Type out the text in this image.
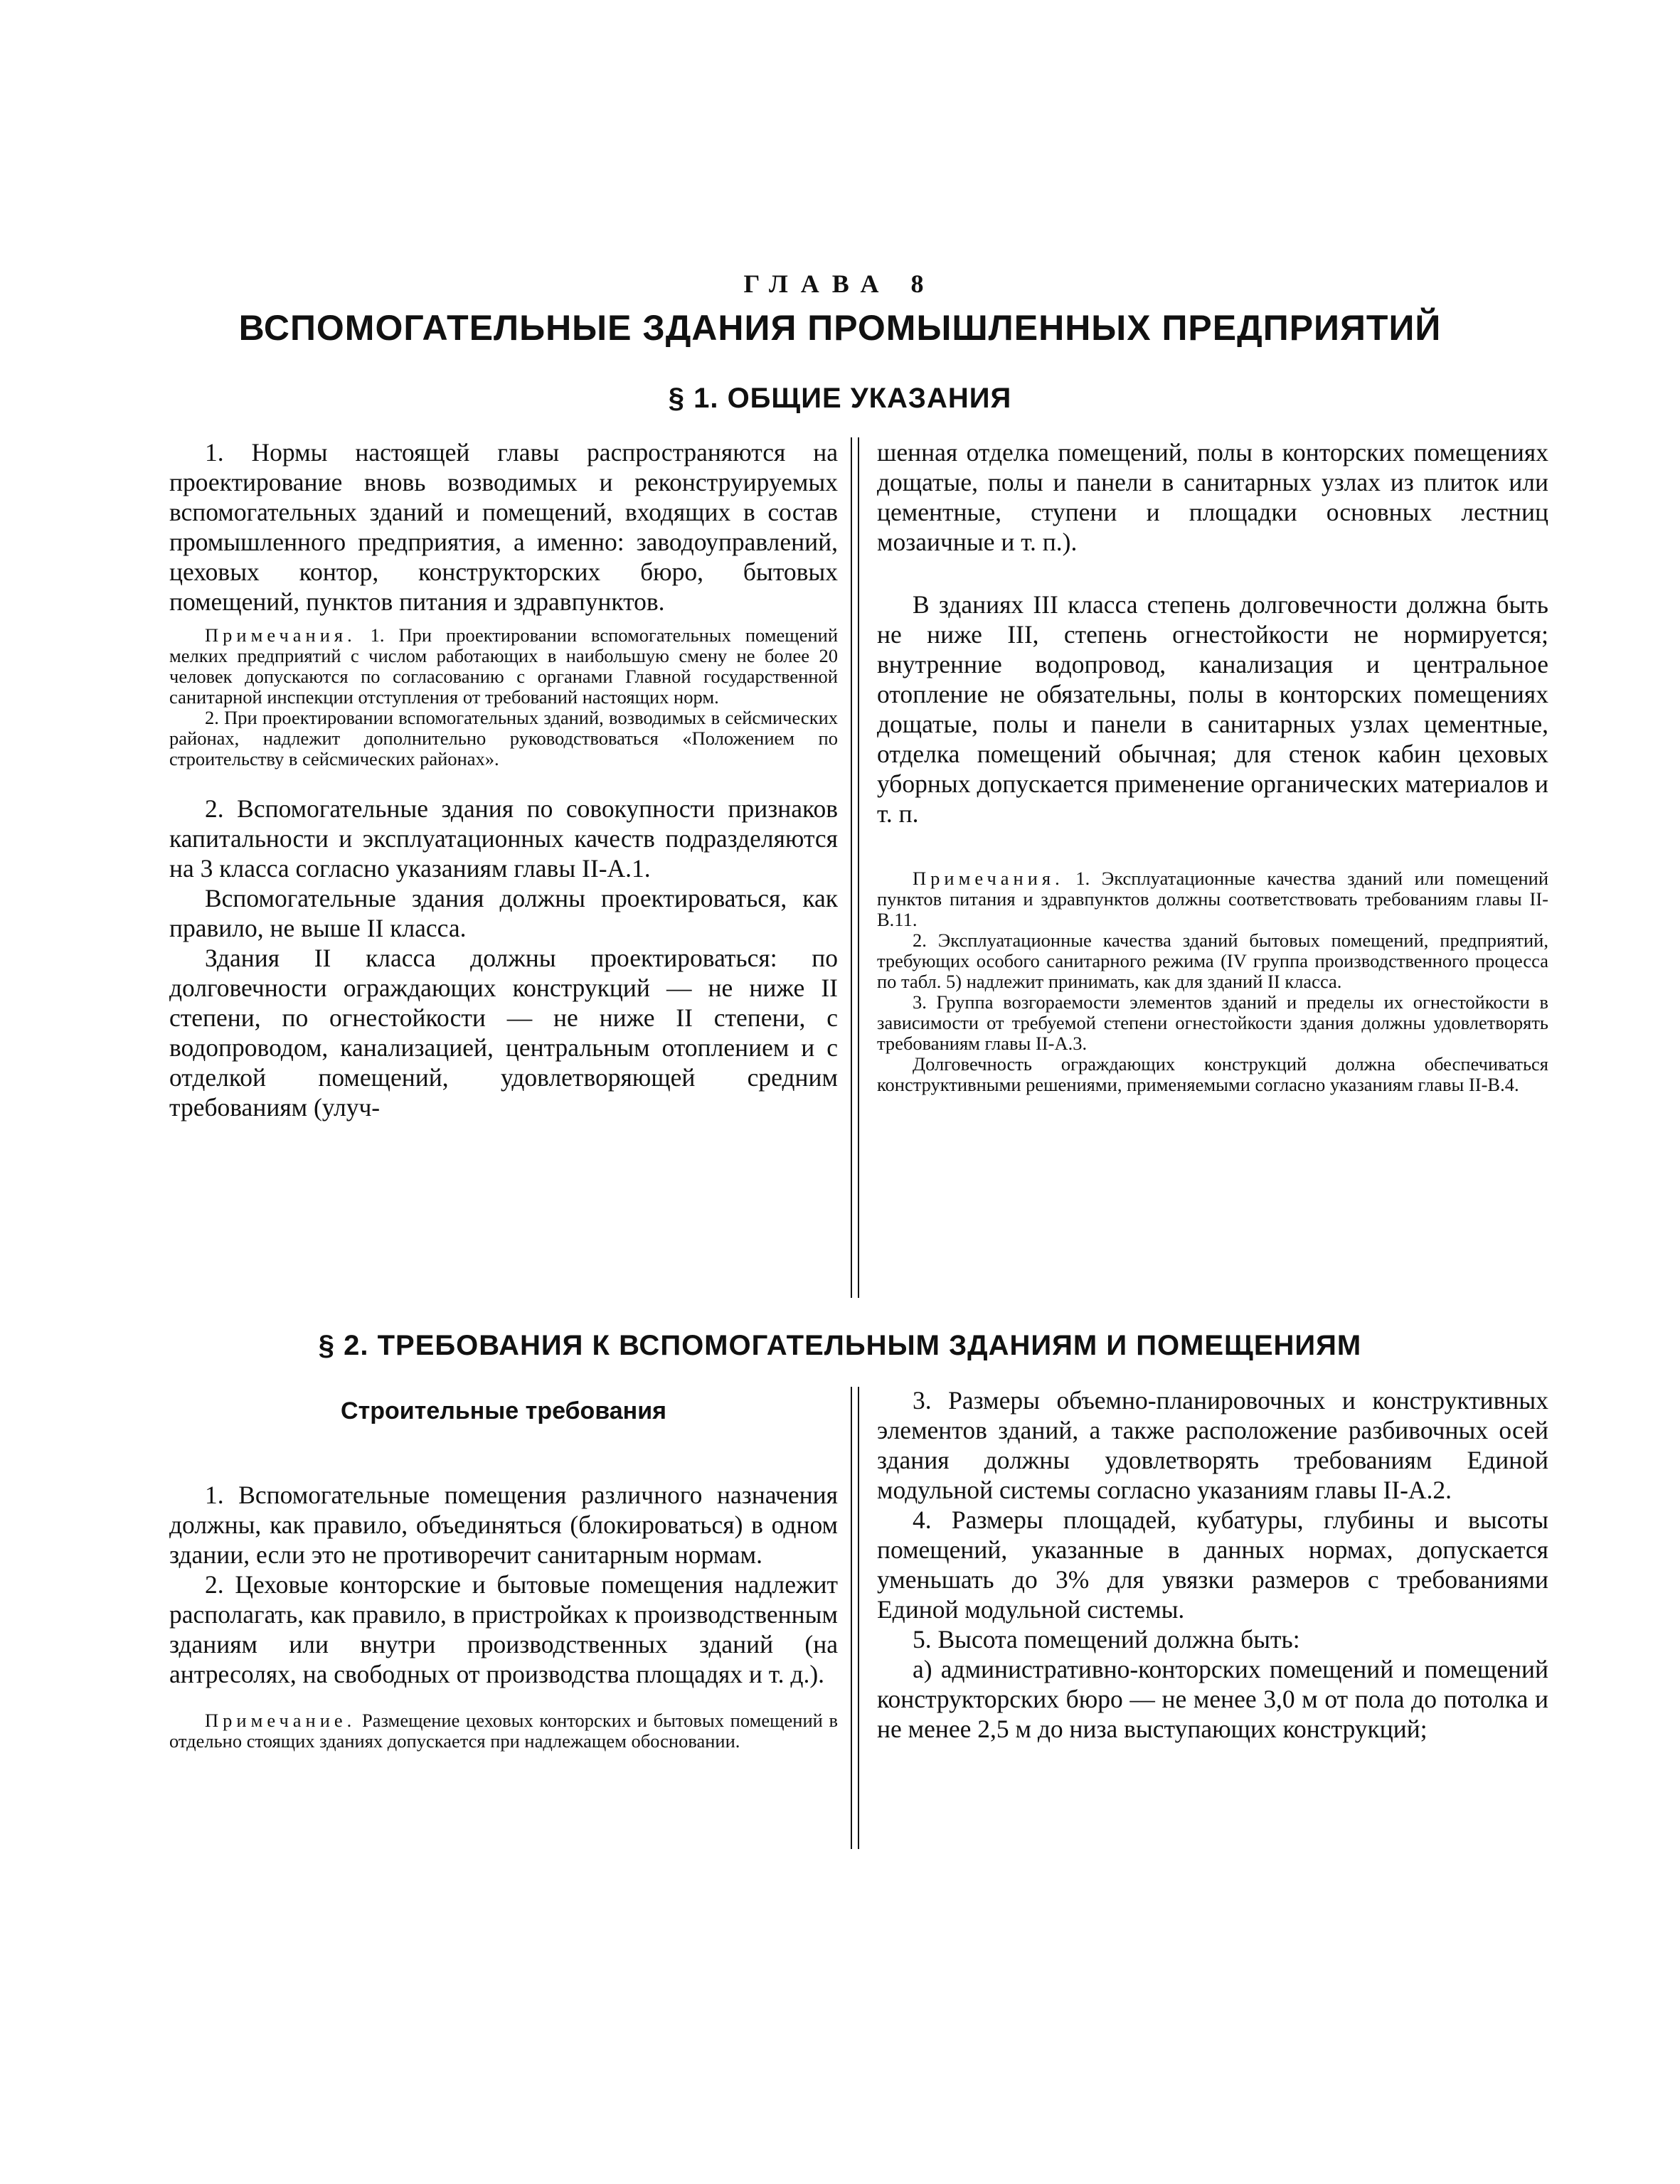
ГЛАВА 8
ВСПОМОГАТЕЛЬНЫЕ ЗДАНИЯ ПРОМЫШЛЕННЫХ ПРЕДПРИЯТИЙ
§ 1. ОБЩИЕ УКАЗАНИЯ

1. Нормы настоящей главы распространяются на проектирование вновь возводимых и реконструируемых вспомогательных зданий и помещений, входящих в состав промышленного предприятия, а именно: заводоуправлений, цеховых контор, конструкторских бюро, бытовых помещений, пунктов питания и здравпунктов.

Примечания. 1. При проектировании вспомогательных помещений мелких предприятий с числом работающих в наибольшую смену не более 20 человек допускаются по согласованию с органами Главной государственной санитарной инспекции отступления от требований настоящих норм.
2. При проектировании вспомогательных зданий, возводимых в сейсмических районах, надлежит дополнительно руководствоваться «Положением по строительству в сейсмических районах».

2. Вспомогательные здания по совокупности признаков капитальности и эксплуатационных качеств подразделяются на 3 класса согласно указаниям главы II-А.1.

Вспомогательные здания должны проектироваться, как правило, не выше II класса.

Здания II класса должны проектироваться: по долговечности ограждающих конструкций — не ниже II степени, по огнестойкости — не ниже II степени, с водопроводом, канализацией, центральным отоплением и с отделкой помещений, удовлетворяющей средним требованиям (улуч-

шенная отделка помещений, полы в конторских помещениях дощатые, полы и панели в санитарных узлах из плиток или цементные, ступени и площадки основных лестниц мозаичные и т. п.).

В зданиях III класса степень долговечности должна быть не ниже III, степень огнестойкости не нормируется; внутренние водопровод, канализация и центральное отопление не обязательны, полы в конторских помещениях дощатые, полы и панели в санитарных узлах цементные, отделка помещений обычная; для стенок кабин цеховых уборных допускается применение органических материалов и т. п.

Примечания. 1. Эксплуатационные качества зданий или помещений пунктов питания и здравпунктов должны соответствовать требованиям главы II-В.11.
2. Эксплуатационные качества зданий бытовых помещений, предприятий, требующих особого санитарного режима (IV группа производственного процесса по табл. 5) надлежит принимать, как для зданий II класса.
3. Группа возгораемости элементов зданий и пределы их огнестойкости в зависимости от требуемой степени огнестойкости здания должны удовлетворять требованиям главы II-А.3.
Долговечность ограждающих конструкций должна обеспечиваться конструктивными решениями, применяемыми согласно указаниям главы II-В.4.
§ 2. ТРЕБОВАНИЯ К ВСПОМОГАТЕЛЬНЫМ ЗДАНИЯМ И ПОМЕЩЕНИЯМ
Строительные требования

1. Вспомогательные помещения различного назначения должны, как правило, объединяться (блокироваться) в одном здании, если это не противоречит санитарным нормам.

2. Цеховые конторские и бытовые помещения надлежит располагать, как правило, в пристройках к производственным зданиям или внутри производственных зданий (на антресолях, на свободных от производства площадях и т. д.).

Примечание. Размещение цеховых конторских и бытовых помещений в отдельно стоящих зданиях допускается при надлежащем обосновании.

3. Размеры объемно-планировочных и конструктивных элементов зданий, а также расположение разбивочных осей здания должны удовлетворять требованиям Единой модульной системы согласно указаниям главы II-А.2.

4. Размеры площадей, кубатуры, глубины и высоты помещений, указанные в данных нормах, допускается уменьшать до 3% для увязки размеров с требованиями Единой модульной системы.

5. Высота помещений должна быть:

а) административно-конторских помещений и помещений конструкторских бюро — не менее 3,0 м от пола до потолка и не менее 2,5 м до низа выступающих конструкций;
